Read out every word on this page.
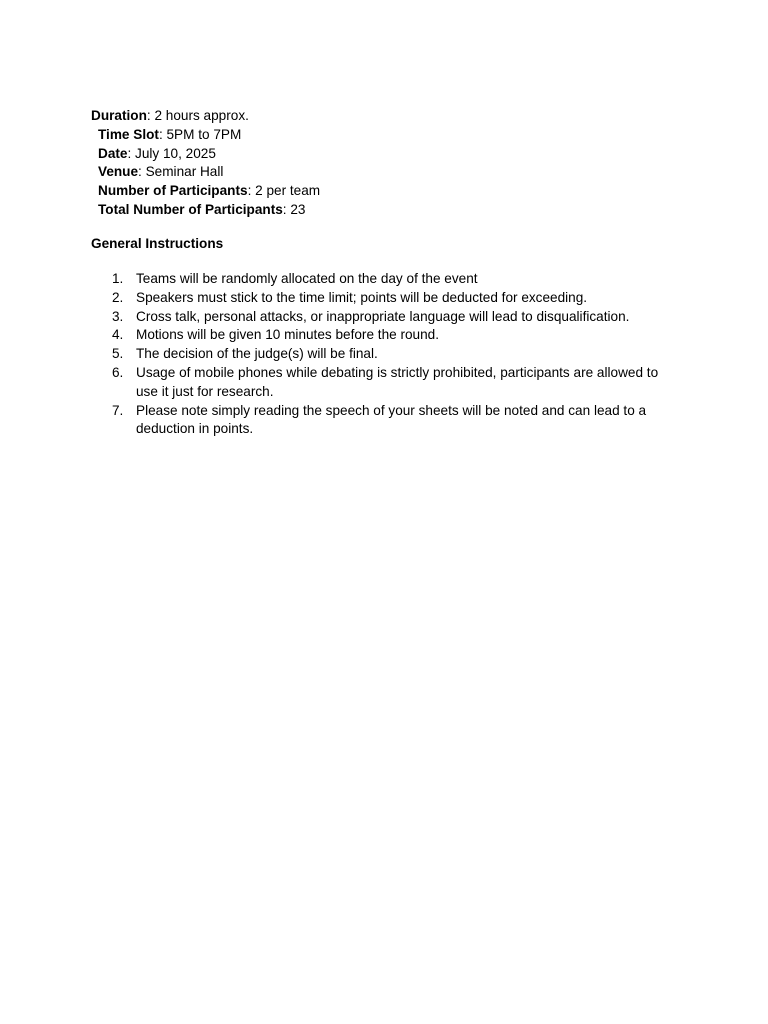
Duration: 2 hours approx.
Time Slot: 5PM to 7PM
Date: July 10, 2025
Venue: Seminar Hall
Number of Participants: 2 per team
Total Number of Participants: 23
General Instructions
1. Teams will be randomly allocated on the day of the event
2. Speakers must stick to the time limit; points will be deducted for exceeding.
3. Cross talk, personal attacks, or inappropriate language will lead to disqualification.
4. Motions will be given 10 minutes before the round.
5. The decision of the judge(s) will be final.
6. Usage of mobile phones while debating is strictly prohibited, participants are allowed to use it just for research.
7. Please note simply reading the speech of your sheets will be noted and can lead to a deduction in points.
